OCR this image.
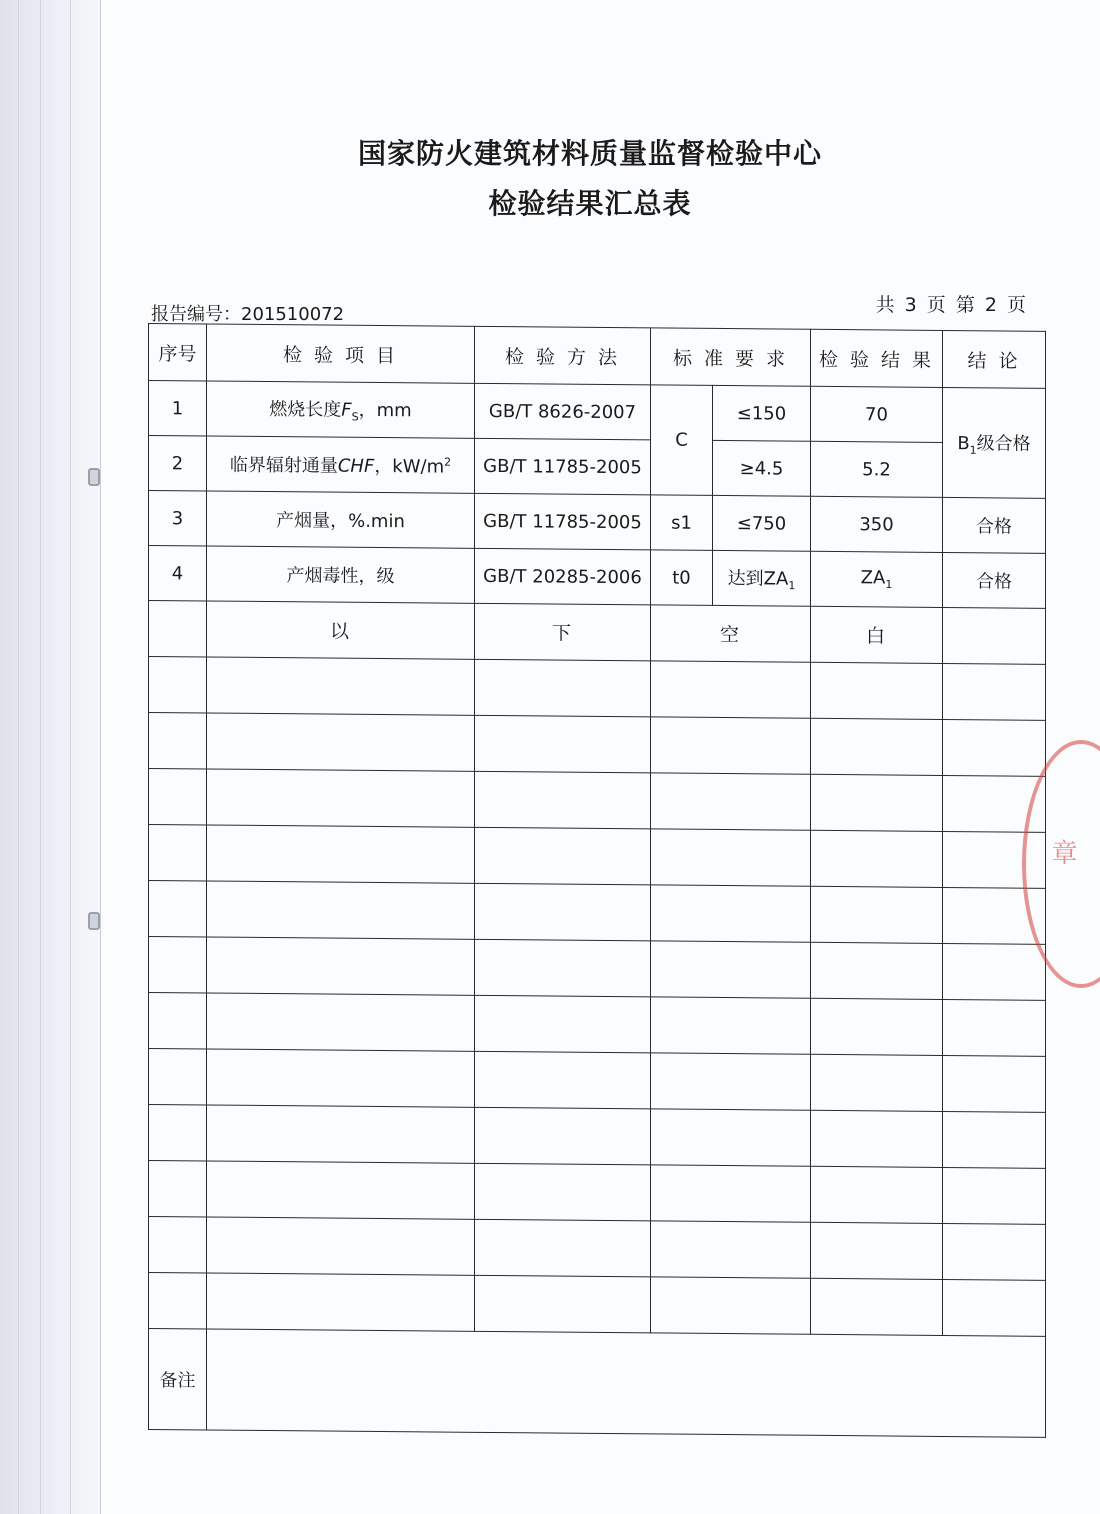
国家防火建筑材料质量监督检验中心
检验结果汇总表
报告编号：201510072	共 3 页 第 2 页
序号	检 验 项 目	检 验 方 法	标 准 要 求		检 验 结 果	结 论
1	燃烧长度$F_S$，mm	GB/T 8626-2007	C	≤150	70	$B_1$级合格
2	临界辐射通量CHF，$kW/m^2$	GB/T 11785-2005		≥4.5	5.2	
3	产烟量，%.min	GB/T 11785-2005	s1	≤750	350	合格
4	产烟毒性，级	GB/T 20285-2006	t0	达到$ZA_1$	$ZA_1$	合格
	以	下	空		白	

备注						
章
